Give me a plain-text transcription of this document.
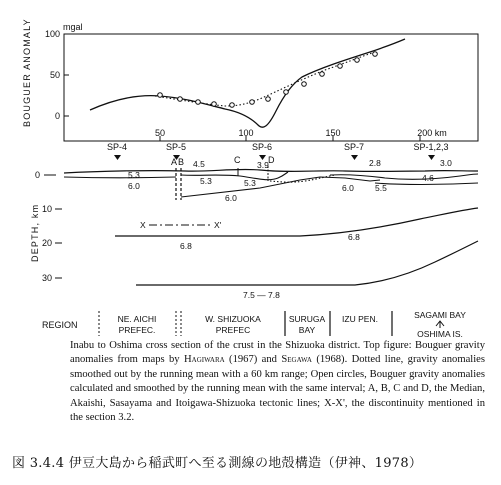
mgal
BOUGUER ANOMALY 100
50
0
50	100	150	200 km
SP-4	SP-5	SP-6	SP-7	SP-1,2,3
DEPTH, km
0
10
20
30
A B	C	D
5.3
6.0	5.3	5.3
4.5
6.0
3.9	2.8	3.0
4.6
6.0 5.5
X	X'
6.8
6.8
7.5 — 7.8
REGION
NE. AICHI
PREFEC.
W. SHIZUOKA
PREFEC
SURUGA
BAY
IZU PEN.	SAGAMI BAY
OSHIMA IS.
Inabu to Oshima cross section of the crust in the Shizuoka district. Top figure: Bouguer gravity anomalies from maps by Hagiwara (1967) and Segawa (1968). Dotted line, gravity anomalies smoothed out by the running mean with a 60 km range; Open circles, Bouguer gravity anomalies calculated and smoothed by the running mean with the same interval; A, B, C and D, the Median, Akaishi, Sasayama and Itoigawa-Shizuoka tectonic lines; X-X', the discontinuity mentioned in the section 3.2.
図 3.4.4 伊豆大島から稲武町へ至る測線の地殻構造（伊神、1978）
